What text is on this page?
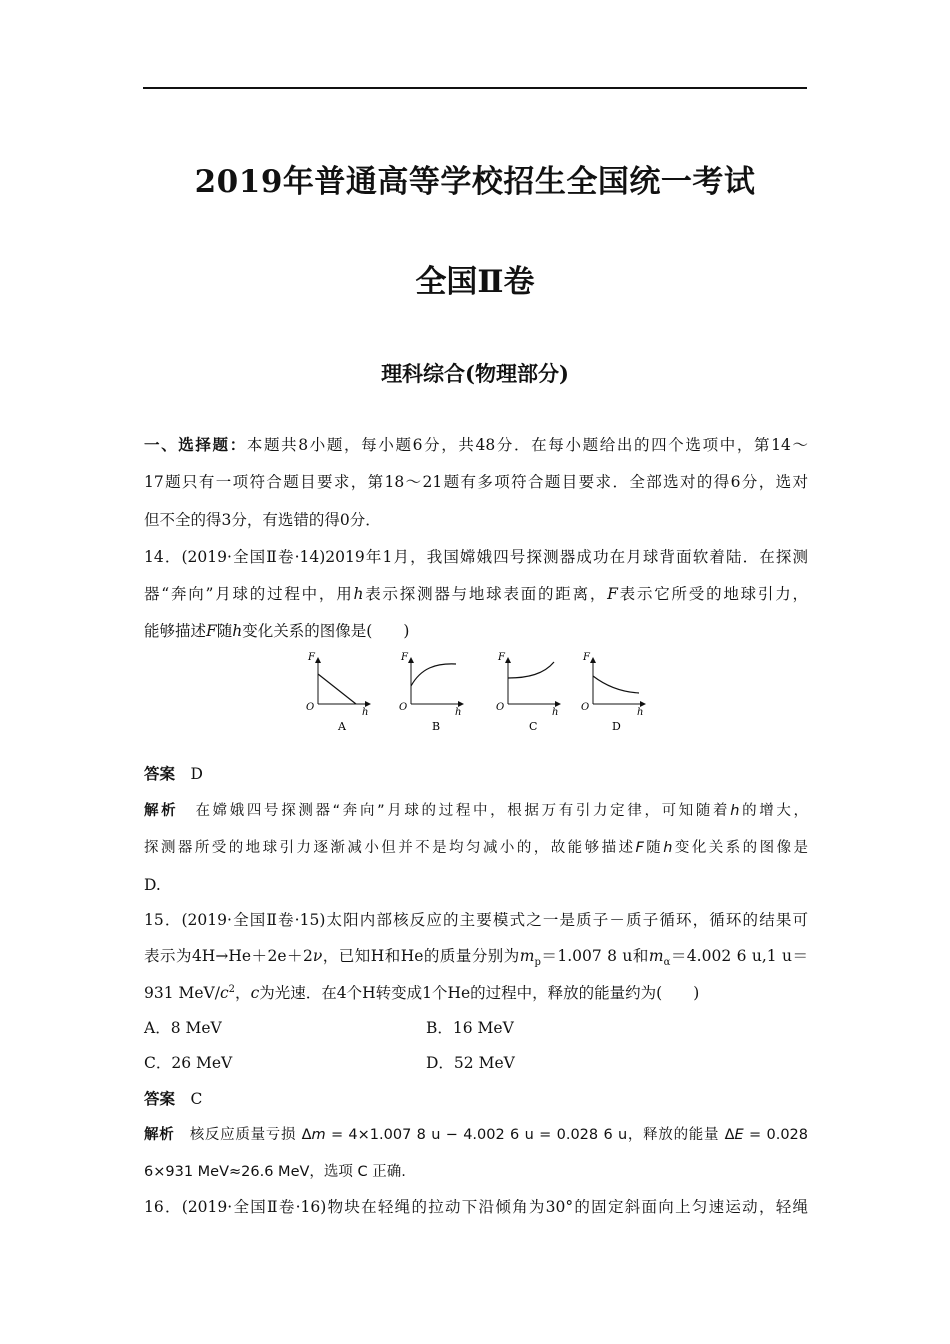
2019年普通高等学校招生全国统一考试
全国Ⅱ卷
理科综合(物理部分)
一、选择题：本题共8小题，每小题6分，共48分．在每小题给出的四个选项中，第14～
17题只有一项符合题目要求，第18～21题有多项符合题目要求．全部选对的得6分，选对
但不全的得3分，有选错的得0分．
14．(2019·全国Ⅱ卷·14)2019年1月，我国嫦娥四号探测器成功在月球背面软着陆．在探测
器“奔向”月球的过程中，用h表示探测器与地球表面的距离，F表示它所受的地球引力，
能够描述F随h变化关系的图像是(　　)
F
h
O
A
F
h
O
B
F
h
O
C
F
h
O
D
答案　 D
解析　 在嫦娥四号探测器“奔向”月球的过程中，根据万有引力定律，可知随着h的增大，
探测器所受的地球引力逐渐减小但并不是均匀减小的，故能够描述F随h变化关系的图像是
D.
15．(2019·全国Ⅱ卷·15)太阳内部核反应的主要模式之一是质子－质子循环，循环的结果可
表示为4H→He＋2e＋2ν，已知H和He的质量分别为$m_p=1.007$ 8 u和$m_\alpha=4.002$ 6 u,1 u＝
931 MeV/$c^2$，c为光速．在4个H转变成1个He的过程中，释放的能量约为(　　)
A．8 MeV	B．16 MeV
C．26 MeV	D．52 MeV
答案　 C
解析　 核反应质量亏损 Δm = 4×1.007 8 u − 4.002 6 u = 0.028 6 u，释放的能量 ΔE = 0.028
6×931 MeV≈26.6 MeV，选项 C 正确.
16．(2019·全国Ⅱ卷·16)物块在轻绳的拉动下沿倾角为30°的固定斜面向上匀速运动，轻绳
